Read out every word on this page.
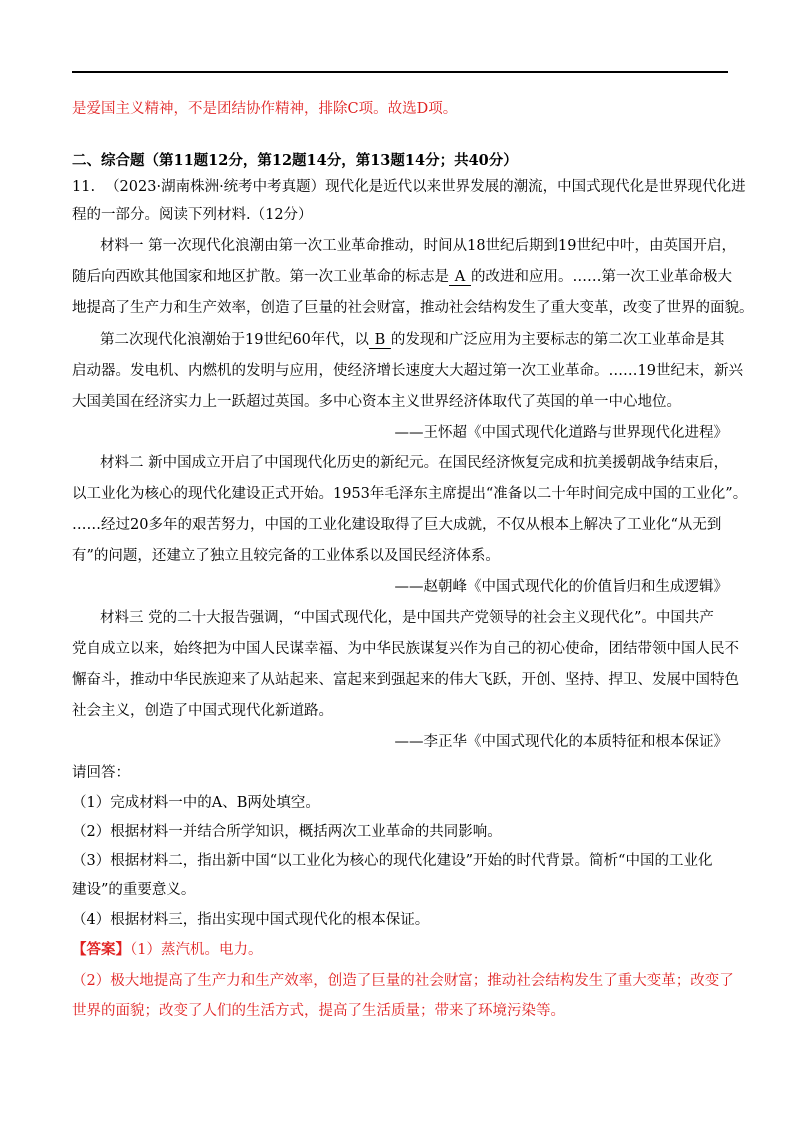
是爱国主义精神，不是团结协作精神，排除C项。故选D项。
二、综合题（第11题12分，第12题14分，第13题14分；共40分）
11. （2023·湖南株洲·统考中考真题）现代化是近代以来世界发展的潮流，中国式现代化是世界现代化进
程的一部分。阅读下列材料.（12分）
材料一 第一次现代化浪潮由第一次工业革命推动，时间从18世纪后期到19世纪中叶，由英国开启，
随后向西欧其他国家和地区扩散。第一次工业革命的标志是 A 的改进和应用。……第一次工业革命极大
地提高了生产力和生产效率，创造了巨量的社会财富，推动社会结构发生了重大变革，改变了世界的面貌。
第二次现代化浪潮始于19世纪60年代，以 B 的发现和广泛应用为主要标志的第二次工业革命是其
启动器。发电机、内燃机的发明与应用，使经济增长速度大大超过第一次工业革命。……19世纪末，新兴
大国美国在经济实力上一跃超过英国。多中心资本主义世界经济体取代了英国的单一中心地位。
——王怀超《中国式现代化道路与世界现代化进程》
材料二 新中国成立开启了中国现代化历史的新纪元。在国民经济恢复完成和抗美援朝战争结束后，
以工业化为核心的现代化建设正式开始。1953年毛泽东主席提出“准备以二十年时间完成中国的工业化”。
……经过20多年的艰苦努力，中国的工业化建设取得了巨大成就，不仅从根本上解决了工业化“从无到
有”的问题，还建立了独立且较完备的工业体系以及国民经济体系。
——赵朝峰《中国式现代化的价值旨归和生成逻辑》
材料三 党的二十大报告强调，“中国式现代化，是中国共产党领导的社会主义现代化”。中国共产
党自成立以来，始终把为中国人民谋幸福、为中华民族谋复兴作为自己的初心使命，团结带领中国人民不
懈奋斗，推动中华民族迎来了从站起来、富起来到强起来的伟大飞跃，开创、坚持、捍卫、发展中国特色
社会主义，创造了中国式现代化新道路。
——李正华《中国式现代化的本质特征和根本保证》
请回答：
（1）完成材料一中的A、B两处填空。
（2）根据材料一并结合所学知识，概括两次工业革命的共同影响。
（3）根据材料二，指出新中国“以工业化为核心的现代化建设”开始的时代背景。简析“中国的工业化
建设”的重要意义。
（4）根据材料三，指出实现中国式现代化的根本保证。
【答案】（1）蒸汽机。电力。
（2）极大地提高了生产力和生产效率，创造了巨量的社会财富；推动社会结构发生了重大变革；改变了
世界的面貌；改变了人们的生活方式，提高了生活质量；带来了环境污染等。
